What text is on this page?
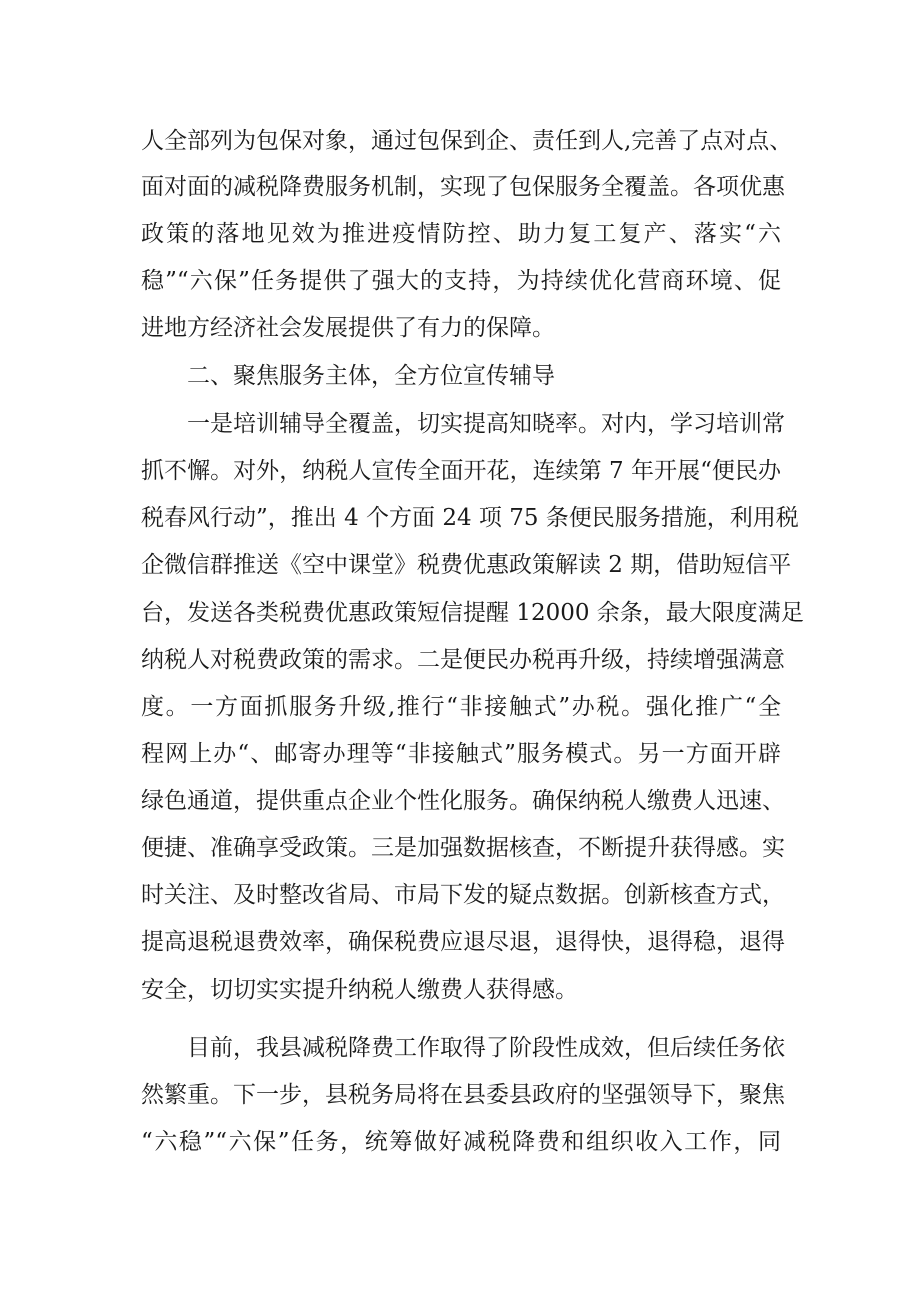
人全部列为包保对象，通过包保到企、责任到人,完善了点对点、
面对面的减税降费服务机制，实现了包保服务全覆盖。各项优惠
政策的落地见效为推进疫情防控、助力复工复产、落实“六
稳”“六保”任务提供了强大的支持，为持续优化营商环境、促
进地方经济社会发展提供了有力的保障。
二、聚焦服务主体，全方位宣传辅导
一是培训辅导全覆盖，切实提高知晓率。对内，学习培训常
抓不懈。对外，纳税人宣传全面开花，连续第 7 年开展“便民办
税春风行动”，推出 4 个方面 24 项 75 条便民服务措施，利用税
企微信群推送《空中课堂》税费优惠政策解读 2 期，借助短信平
台，发送各类税费优惠政策短信提醒 12000 余条，最大限度满足
纳税人对税费政策的需求。二是便民办税再升级，持续增强满意
度。一方面抓服务升级,推行“非接触式”办税。强化推广“全
程网上办“、邮寄办理等“非接触式”服务模式。另一方面开辟
绿色通道，提供重点企业个性化服务。确保纳税人缴费人迅速、
便捷、准确享受政策。三是加强数据核查，不断提升获得感。实
时关注、及时整改省局、市局下发的疑点数据。创新核查方式，
提高退税退费效率，确保税费应退尽退，退得快，退得稳，退得
安全，切切实实提升纳税人缴费人获得感。
目前，我县减税降费工作取得了阶段性成效，但后续任务依
然繁重。下一步，县税务局将在县委县政府的坚强领导下，聚焦
“六稳”“六保”任务，统筹做好减税降费和组织收入工作，同
